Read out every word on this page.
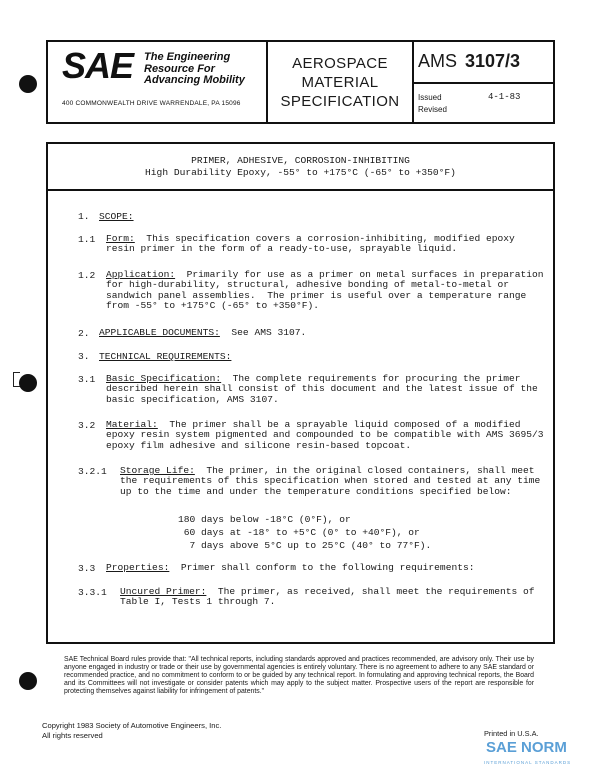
SAE The Engineering
Resource For
Advancing Mobility
400 COMMONWEALTH DRIVE WARRENDALE, PA 15096
AEROSPACE
MATERIAL
SPECIFICATION
AMS 3107/3
Issued
Revised
4-1-83
PRIMER, ADHESIVE, CORROSION-INHIBITING
High Durability Epoxy, -55° to +175°C (-65° to +350°F)
1. SCOPE:
1.1 Form:  This specification covers a corrosion-inhibiting, modified epoxy
resin primer in the form of a ready-to-use, sprayable liquid.
1.2 Application:  Primarily for use as a primer on metal surfaces in preparation
for high-durability, structural, adhesive bonding of metal-to-metal or
sandwich panel assemblies.  The primer is useful over a temperature range
from -55° to +175°C (-65° to +350°F).
2. APPLICABLE DOCUMENTS:  See AMS 3107.
3. TECHNICAL REQUIREMENTS:
3.1 Basic Specification:  The complete requirements for procuring the primer
described herein shall consist of this document and the latest issue of the
basic specification, AMS 3107.
3.2 Material:  The primer shall be a sprayable liquid composed of a modified
epoxy resin system pigmented and compounded to be compatible with AMS 3695/3
epoxy film adhesive and silicone resin-based topcoat.
3.2.1 Storage Life:  The primer, in the original closed containers, shall meet
the requirements of this specification when stored and tested at any time
up to the time and under the temperature conditions specified below:
180 days below -18°C (0°F), or
60 days at -18° to +5°C (0° to +40°F), or
7 days above 5°C up to 25°C (40° to 77°F).
3.3 Properties:  Primer shall conform to the following requirements:
3.3.1 Uncured Primer:  The primer, as received, shall meet the requirements of
Table I, Tests 1 through 7.
SAE Technical Board rules provide that: "All technical reports, including standards approved and practices recommended, are advisory only. Their use by anyone engaged in industry or trade or their use by governmental agencies is entirely voluntary. There is no agreement to adhere to any SAE standard or recommended practice, and no commitment to conform to or be guided by any technical report. In formulating and approving technical reports, the Board and its Committees will not investigate or consider patents which may apply to the subject matter. Prospective users of the report are responsible for protecting themselves against liability for infringement of patents."
Copyright 1983 Society of Automotive Engineers, Inc.
All rights reserved	Printed in U.S.A.
SAE NORM
INTERNATIONAL STANDARDS
